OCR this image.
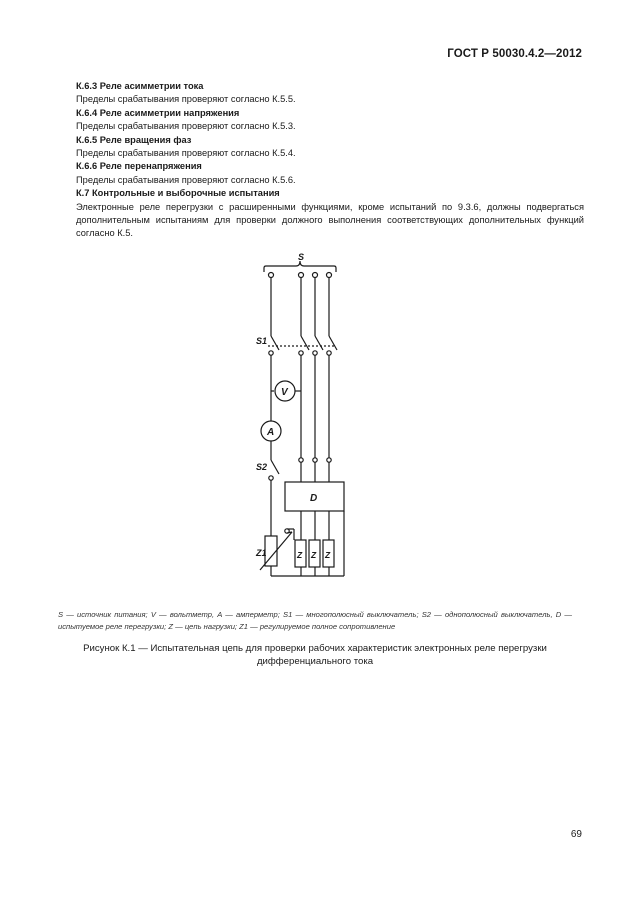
ГОСТ Р 50030.4.2—2012

К.6.3 Реле асимметрии тока

Пределы срабатывания проверяют согласно К.5.5.

К.6.4 Реле асимметрии напряжения

Пределы срабатывания проверяют согласно К.5.3.

К.6.5 Реле вращения фаз

Пределы срабатывания проверяют согласно К.5.4.

К.6.6 Реле перенапряжения

Пределы срабатывания проверяют согласно К.5.6.

К.7 Контрольные и выборочные испытания

Электронные реле перегрузки с расширенными функциями, кроме испытаний по 9.3.6, должны подвергаться дополнительным испытаниям для проверки должного выполнения соответствующих дополнительных функций согласно К.5.

S
S1
V
A
S2
D
Z1	Z Z Z
S — источник питания; V — вольтметр, A — амперметр; S1 — многополюсный выключатель; S2 — однополюсный выключатель, D — испытуемое реле перегрузки; Z — цепь нагрузки; Z1 — регулируемое полное сопротивление
Рисунок К.1 — Испытательная цепь для проверки рабочих характеристик электронных реле перегрузки дифференциального тока
69
